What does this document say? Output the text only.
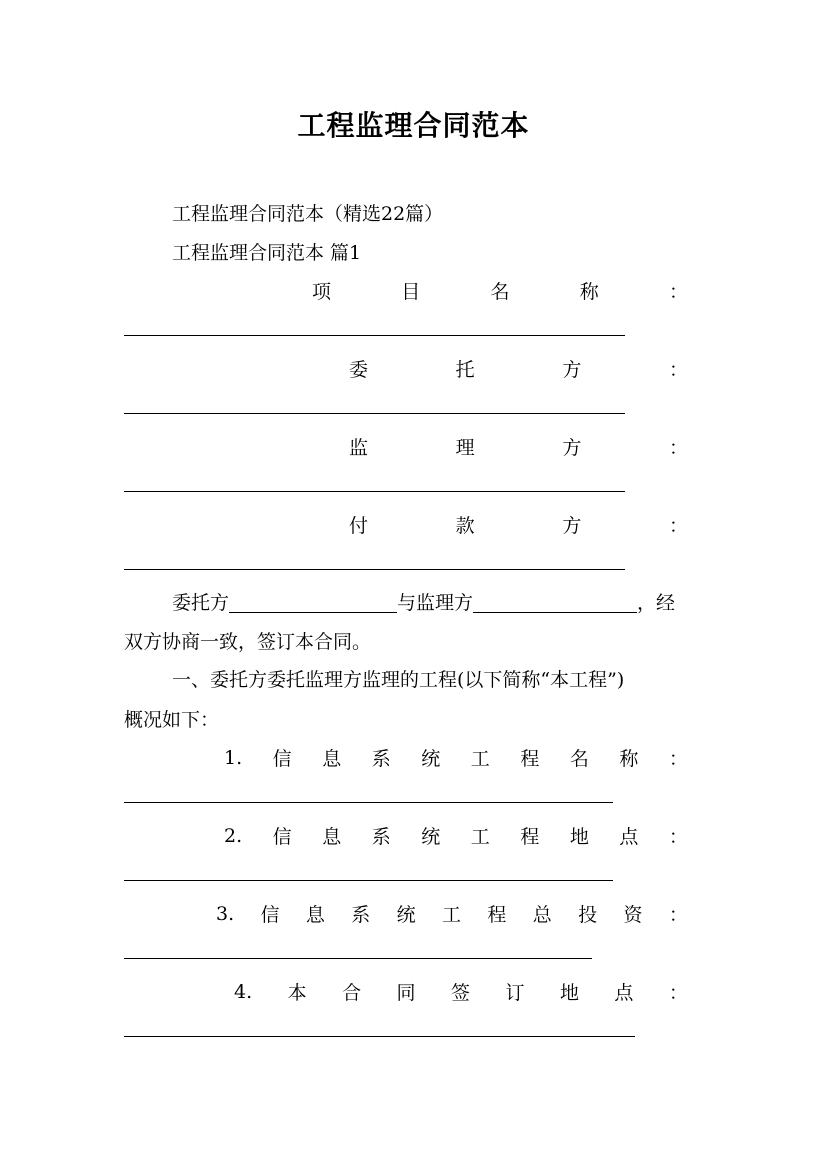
工程监理合同范本
工程监理合同范本（精选22篇）
工程监理合同范本 篇1
项	目	名	称	：
委	托	方	：
监	理	方	：
付	款	方	：
委托方	与监理方	，经
双方协商一致，签订本合同。
一、委托方委托监理方监理的工程(以下简称“本工程”)
概况如下：
1. 信 息 系 统 工 程 名 称 ：
2. 信 息 系 统 工 程 地 点 ：
3. 信 息 系 统 工 程 总 投 资 ：
4. 本 合 同 签 订 地 点 ：
